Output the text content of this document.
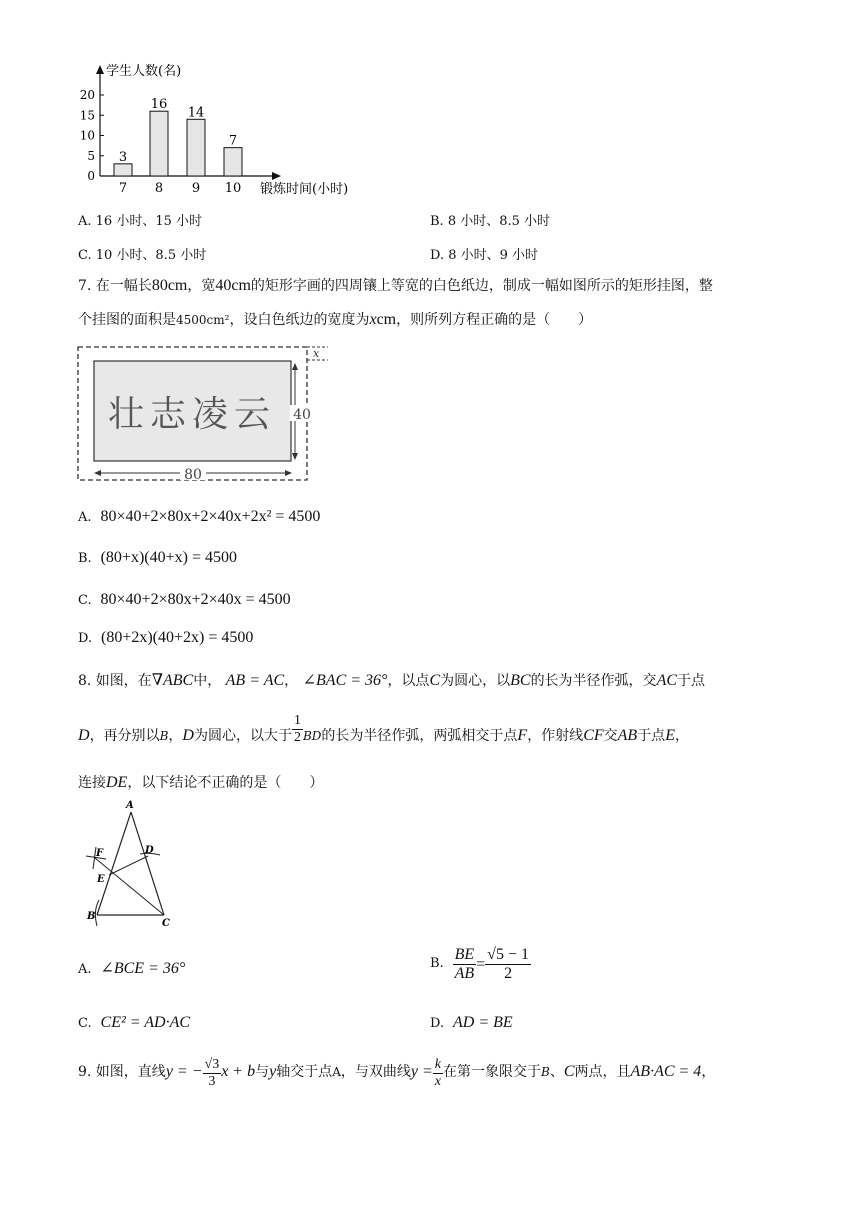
学生人数(名)
0
5
10
15
20
3
16
14
7
7 8 9 10 锻炼时间(小时)
A. 16 小时、15 小时	B. 8 小时、8.5 小时
C. 10 小时、8.5 小时	D. 8 小时、9 小时
7. 在一幅长80cm，宽40cm的矩形字画的四周镶上等宽的白色纸边，制成一幅如图所示的矩形挂图，整
个挂图的面积是4500cm²，设白色纸边的宽度为xcm，则所列方程正确的是（　　）
x
壮志凌云 40
80
A. 80×40+2×80x+2×40x+2x² = 4500
B. (80+x)(40+x) = 4500
C. 80×40+2×80x+2×40x = 4500
D. (80+2x)(40+2x) = 4500
8. 如图，在∇ABC中， AB = AC， ∠BAC = 36°，以点C为圆心，以BC的长为半径作弧，交AC于点
D，再分别以B，D为圆心，以大于 $\frac{1}{2}$ BD的长为半径作弧，两弧相交于点F，作射线CF交AB于点E，
连接DE，以下结论不正确的是（　　）
A
D
F
E
B
C
A. ∠BCE = 36°	B. $\frac{BE}{AB} = \frac{√5 - 1}{2}$
C. CE² = AD·AC	D. AD = BE
9. 如图，直线y = − $\frac{√3}{3}$ x + b与y轴交于点A，与双曲线$y = \frac{k}{x}$ 在第一象限交于B、C两点，且AB·AC = 4，
